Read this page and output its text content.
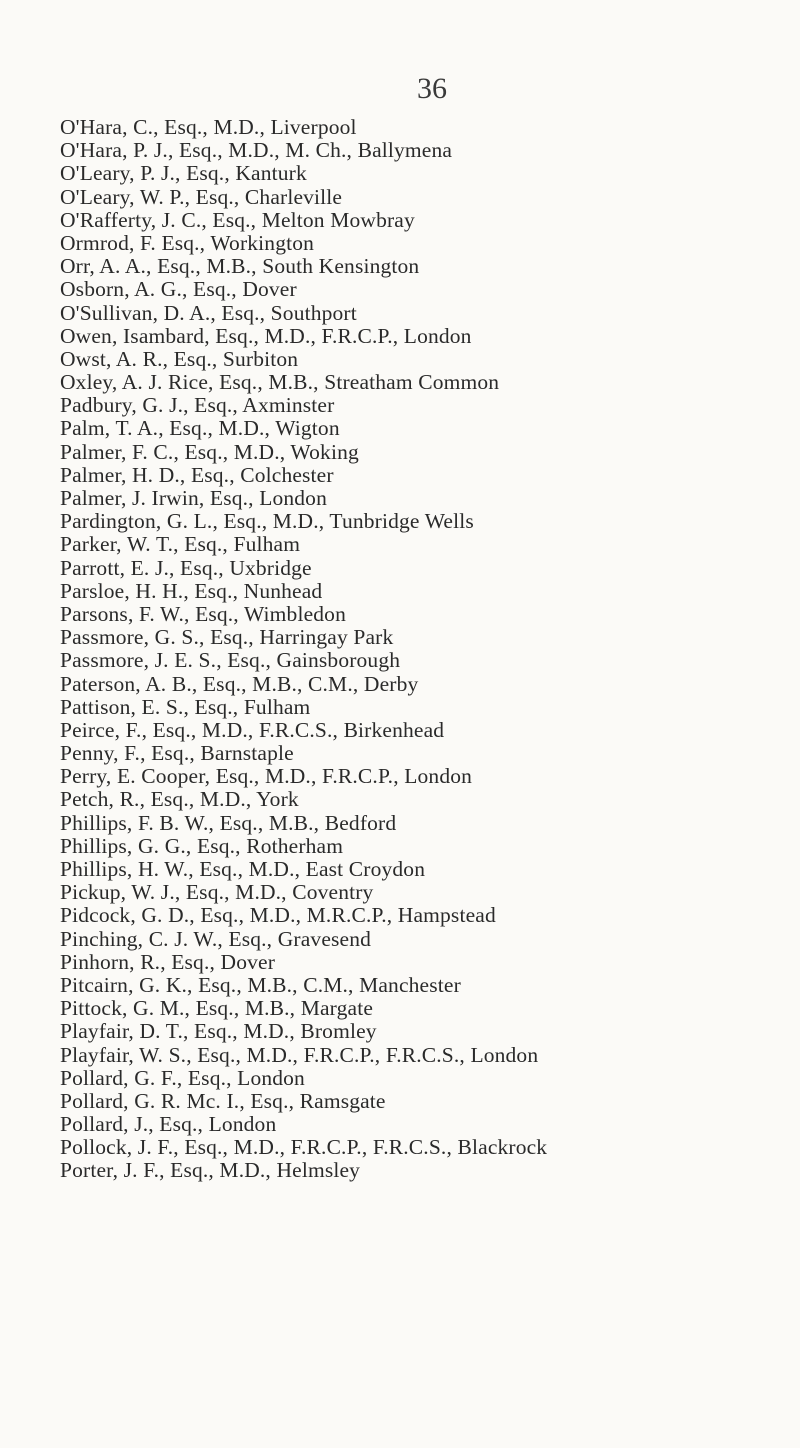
36
O'Hara, C., Esq., M.D., Liverpool
O'Hara, P. J., Esq., M.D., M. Ch., Ballymena
O'Leary, P. J., Esq., Kanturk
O'Leary, W. P., Esq., Charleville
O'Rafferty, J. C., Esq., Melton Mowbray
Ormrod, F. Esq., Workington
Orr, A. A., Esq., M.B., South Kensington
Osborn, A. G., Esq., Dover
O'Sullivan, D. A., Esq., Southport
Owen, Isambard, Esq., M.D., F.R.C.P., London
Owst, A. R., Esq., Surbiton
Oxley, A. J. Rice, Esq., M.B., Streatham Common
Padbury, G. J., Esq., Axminster
Palm, T. A., Esq., M.D., Wigton
Palmer, F. C., Esq., M.D., Woking
Palmer, H. D., Esq., Colchester
Palmer, J. Irwin, Esq., London
Pardington, G. L., Esq., M.D., Tunbridge Wells
Parker, W. T., Esq., Fulham
Parrott, E. J., Esq., Uxbridge
Parsloe, H. H., Esq., Nunhead
Parsons, F. W., Esq., Wimbledon
Passmore, G. S., Esq., Harringay Park
Passmore, J. E. S., Esq., Gainsborough
Paterson, A. B., Esq., M.B., C.M., Derby
Pattison, E. S., Esq., Fulham
Peirce, F., Esq., M.D., F.R.C.S., Birkenhead
Penny, F., Esq., Barnstaple
Perry, E. Cooper, Esq., M.D., F.R.C.P., London
Petch, R., Esq., M.D., York
Phillips, F. B. W., Esq., M.B., Bedford
Phillips, G. G., Esq., Rotherham
Phillips, H. W., Esq., M.D., East Croydon
Pickup, W. J., Esq., M.D., Coventry
Pidcock, G. D., Esq., M.D., M.R.C.P., Hampstead
Pinching, C. J. W., Esq., Gravesend
Pinhorn, R., Esq., Dover
Pitcairn, G. K., Esq., M.B., C.M., Manchester
Pittock, G. M., Esq., M.B., Margate
Playfair, D. T., Esq., M.D., Bromley
Playfair, W. S., Esq., M.D., F.R.C.P., F.R.C.S., London
Pollard, G. F., Esq., London
Pollard, G. R. Mc. I., Esq., Ramsgate
Pollard, J., Esq., London
Pollock, J. F., Esq., M.D., F.R.C.P., F.R.C.S., Blackrock
Porter, J. F., Esq., M.D., Helmsley
